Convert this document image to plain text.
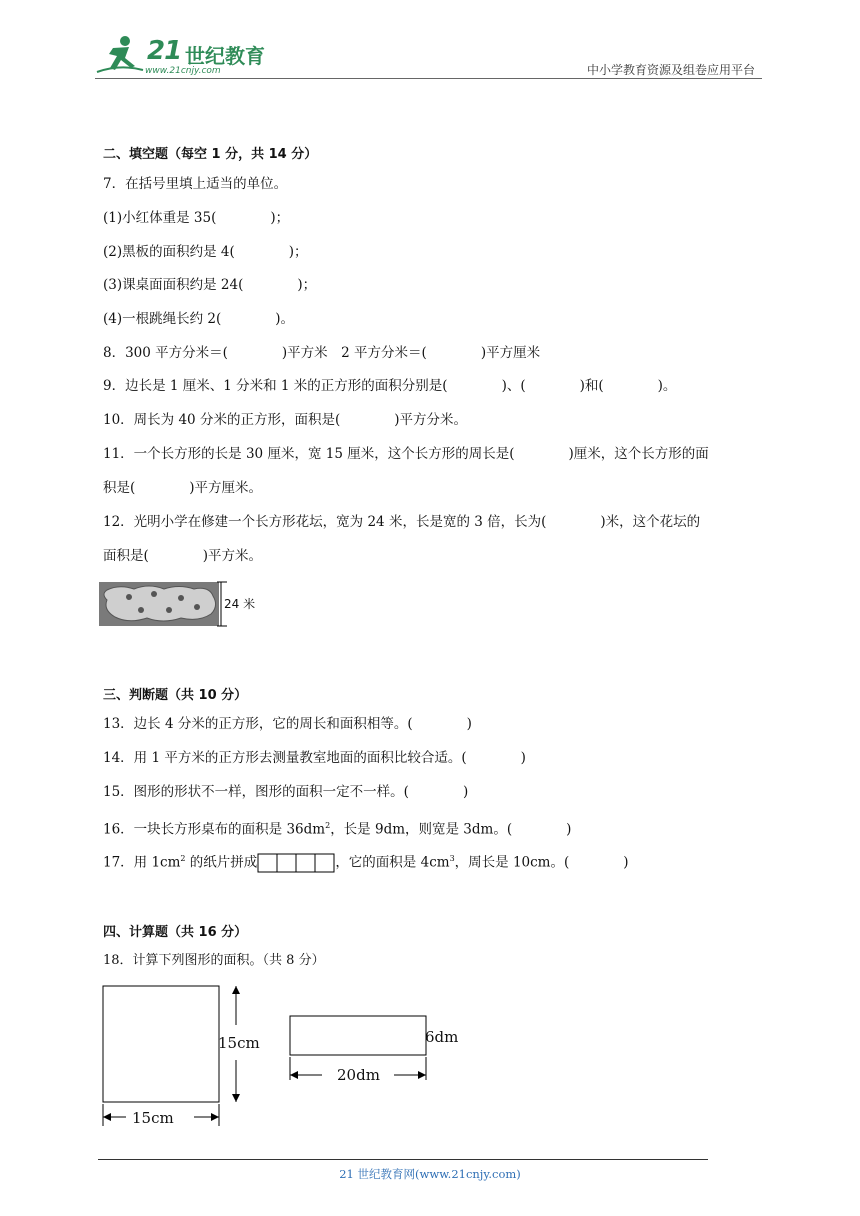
21 世纪教育
www.21cnjy.com	中小学教育资源及组卷应用平台
二、填空题（每空 1 分，共 14 分）
7．在括号里填上适当的单位。
(1)小红体重是 35(　　　　)；
(2)黑板的面积约是 4(　　　　)；
(3)课桌面面积约是 24(　　　　)；
(4)一根跳绳长约 2(　　　　)。
8．300 平方分米＝(　　　　)平方米　2 平方分米＝(　　　　)平方厘米
9．边长是 1 厘米、1 分米和 1 米的正方形的面积分别是(　　　　)、(　　　　)和(　　　　)。
10．周长为 40 分米的正方形，面积是(　　　　)平方分米。
11．一个长方形的长是 30 厘米，宽 15 厘米，这个长方形的周长是(　　　　)厘米，这个长方形的面
积是(　　　　)平方厘米。
12．光明小学在修建一个长方形花坛，宽为 24 米，长是宽的 3 倍，长为(　　　　)米，这个花坛的
面积是(　　　　)平方米。
24 米
三、判断题（共 10 分）
13．边长 4 分米的正方形，它的周长和面积相等。(　　　　)
14．用 1 平方米的正方形去测量教室地面的面积比较合适。(　　　　)
15．图形的形状不一样，图形的面积一定不一样。(　　　　)
16．一块长方形桌布的面积是 $36dm^2$，长是 9dm，则宽是 3dm。(　　　　)
17．用 $1cm^2$ 的纸片拼成	，它的面积是 $4cm^3$，周长是 10cm。(　　　　)
四、计算题（共 16 分）
18．计算下列图形的面积。（共 8 分）
15cm
15cm
6dm
20dm
21 世纪教育网(www.21cnjy.com)
